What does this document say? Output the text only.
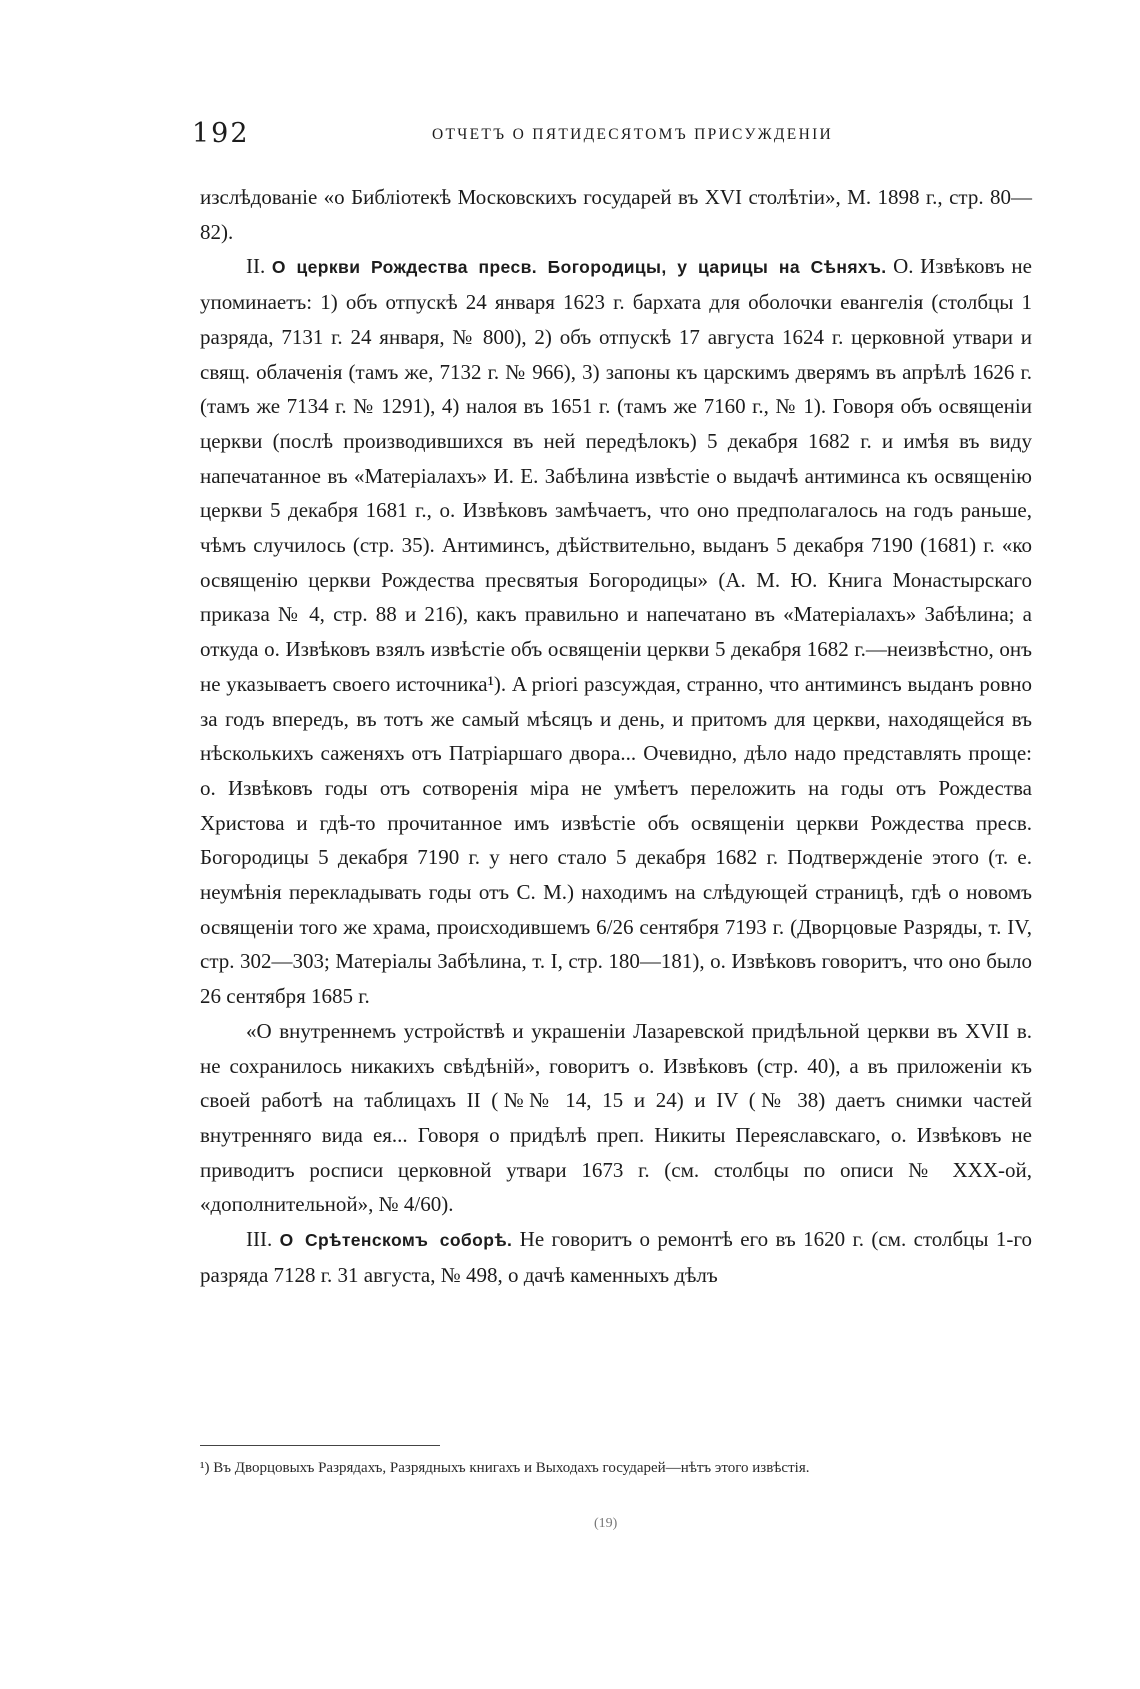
192	ОТЧЕТЪ О ПЯТИДЕСЯТОМЪ ПРИСУЖДЕНІИ

изслѣдованіе «о Библіотекѣ Московскихъ государей въ XVI столѣтіи», М. 1898 г., стр. 80—82).

II. О церкви Рождества пресв. Богородицы, у царицы на Сѣняхъ. О. Извѣковъ не упоминаетъ: 1) объ отпускѣ 24 января 1623 г. бархата для оболочки евангелія (столбцы 1 разряда, 7131 г. 24 января, № 800), 2) объ отпускѣ 17 августа 1624 г. церковной утвари и свящ. облаченія (тамъ же, 7132 г. № 966), 3) запоны къ царскимъ дверямъ въ апрѣлѣ 1626 г. (тамъ же 7134 г. № 1291), 4) налоя въ 1651 г. (тамъ же 7160 г., № 1). Говоря объ освященіи церкви (послѣ производившихся въ ней передѣлокъ) 5 декабря 1682 г. и имѣя въ виду напечатанное въ «Матеріалахъ» И. Е. Забѣлина извѣстіе о выдачѣ антиминса къ освященію церкви 5 декабря 1681 г., о. Извѣковъ замѣчаетъ, что оно предполагалось на годъ раньше, чѣмъ случилось (стр. 35). Антиминсъ, дѣйствительно, выданъ 5 декабря 7190 (1681) г. «ко освященію церкви Рождества пресвятыя Богородицы» (А. М. Ю. Книга Монастырскаго приказа № 4, стр. 88 и 216), какъ правильно и напечатано въ «Матеріалахъ» Забѣлина; а откуда о. Извѣковъ взялъ извѣстіе объ освященіи церкви 5 декабря 1682 г.—неизвѣстно, онъ не указываетъ своего источника¹). A priori разсуждая, странно, что антиминсъ выданъ ровно за годъ впередъ, въ тотъ же самый мѣсяцъ и день, и притомъ для церкви, находящейся въ нѣсколькихъ саженяхъ отъ Патріаршаго двора... Очевидно, дѣло надо представлять проще: о. Извѣковъ годы отъ сотворенія міра не умѣетъ переложить на годы отъ Рождества Христова и гдѣ-то прочитанное имъ извѣстіе объ освященіи церкви Рождества пресв. Богородицы 5 декабря 7190 г. у него стало 5 декабря 1682 г. Подтвержденіе этого (т. е. неумѣнія перекладывать годы отъ С. М.) находимъ на слѣдующей страницѣ, гдѣ о новомъ освященіи того же храма, происходившемъ 6/26 сентября 7193 г. (Дворцовые Разряды, т. IV, стр. 302—303; Матеріалы Забѣлина, т. I, стр. 180—181), о. Извѣковъ говоритъ, что оно было 26 сентября 1685 г.

«О внутреннемъ устройствѣ и украшеніи Лазаревской придѣльной церкви въ XVII в. не сохранилось никакихъ свѣдѣній», говоритъ о. Извѣковъ (стр. 40), а въ приложеніи къ своей работѣ на таблицахъ II (№№ 14, 15 и 24) и IV (№ 38) даетъ снимки частей внутренняго вида ея... Говоря о придѣлѣ преп. Никиты Переяславскаго, о. Извѣковъ не приводитъ росписи церковной утвари 1673 г. (см. столбцы по описи № XXX-ой, «дополнительной», № 4/60).

III. О Срѣтенскомъ соборѣ. Не говоритъ о ремонтѣ его въ 1620 г. (см. столбцы 1-го разряда 7128 г. 31 августа, № 498, о дачѣ каменныхъ дѣлъ

¹) Въ Дворцовыхъ Разрядахъ, Разрядныхъ книгахъ и Выходахъ государей—нѣтъ этого извѣстія.
(19)
